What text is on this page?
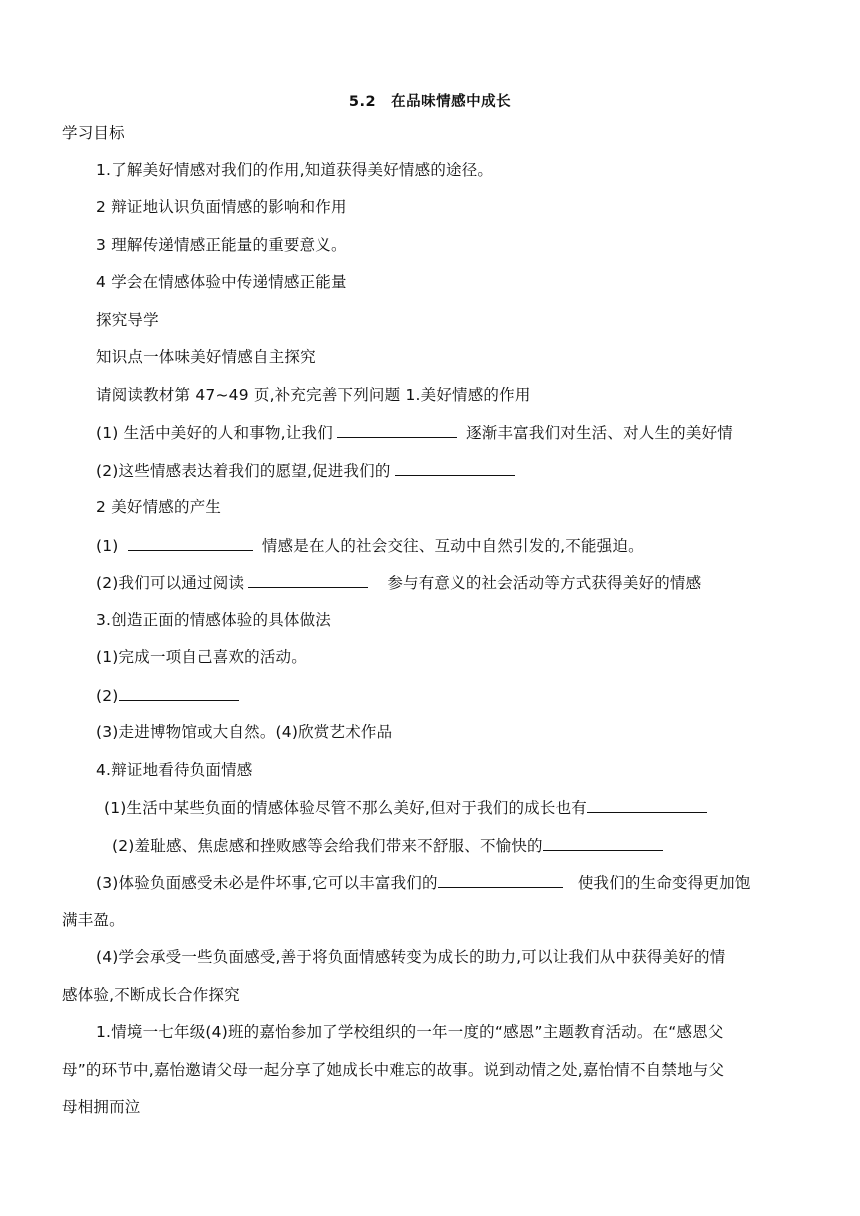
5.2　在品味情感中成长
学习目标
1.了解美好情感对我们的作用,知道获得美好情感的途径。
2 辩证地认识负面情感的影响和作用
3 理解传递情感正能量的重要意义。
4 学会在情感体验中传递情感正能量
探究导学
知识点一体味美好情感自主探究
请阅读教材第 47~49 页,补充完善下列问题 1.美好情感的作用
(1) 生活中美好的人和事物,让我们	逐渐丰富我们对生活、对人生的美好情
(2)这些情感表达着我们的愿望,促进我们的
2 美好情感的产生
(1)	情感是在人的社会交往、互动中自然引发的,不能强迫。
(2)我们可以通过阅读	参与有意义的社会活动等方式获得美好的情感
3.创造正面的情感体验的具体做法
(1)完成一项自己喜欢的活动。
(2)
(3)走进博物馆或大自然。(4)欣赏艺术作品
4.辩证地看待负面情感
(1)生活中某些负面的情感体验尽管不那么美好,但对于我们的成长也有
(2)羞耻感、焦虑感和挫败感等会给我们带来不舒服、不愉快的
(3)体验负面感受未必是件坏事,它可以丰富我们的	使我们的生命变得更加饱
满丰盈。
(4)学会承受一些负面感受,善于将负面情感转变为成长的助力,可以让我们从中获得美好的情
感体验,不断成长合作探究
1.情境一七年级(4)班的嘉怡参加了学校组织的一年一度的“感恩”主题教育活动。在“感恩父
母”的环节中,嘉怡邀请父母一起分享了她成长中难忘的故事。说到动情之处,嘉怡情不自禁地与父
母相拥而泣
